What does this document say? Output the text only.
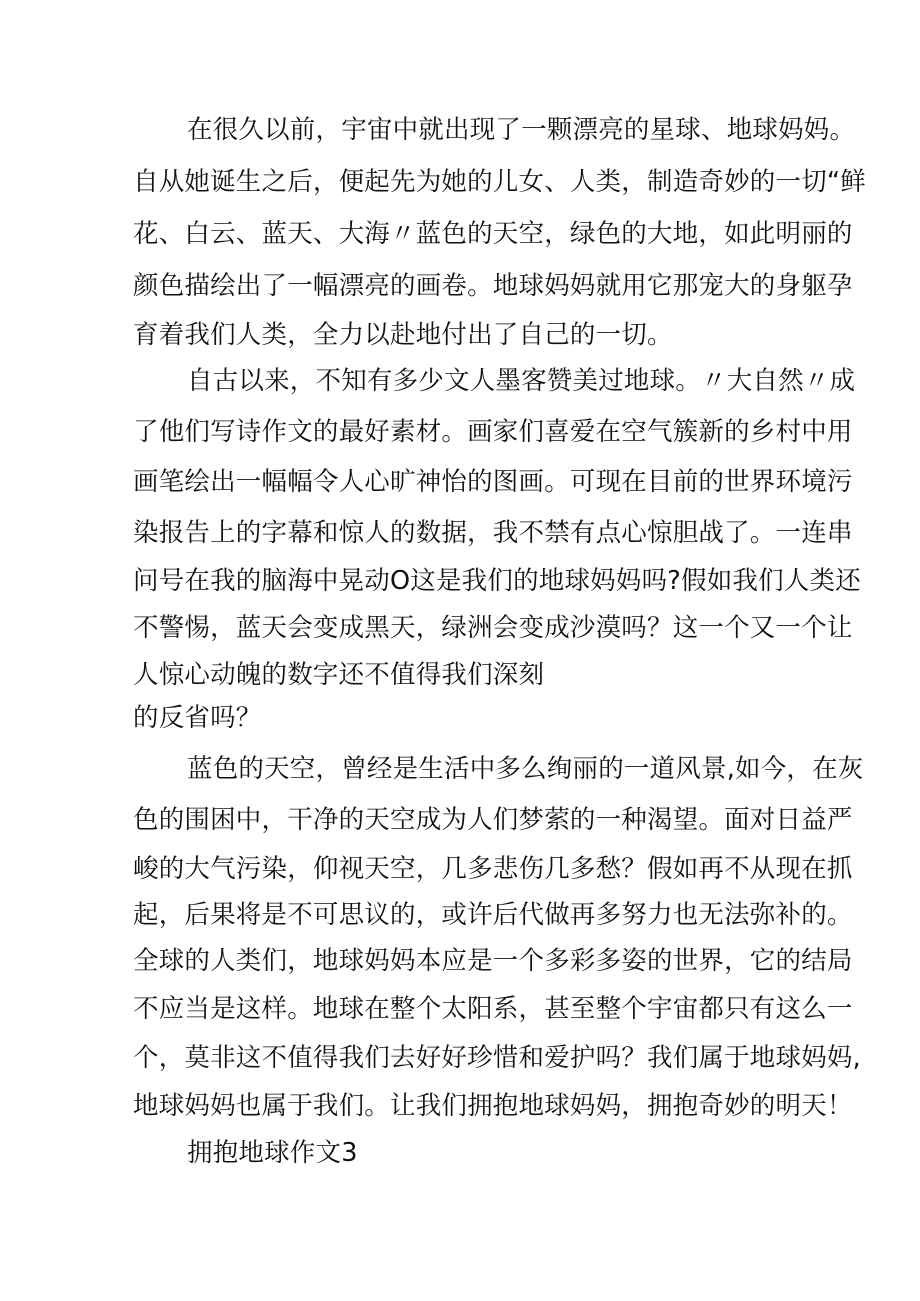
在很久以前，宇宙中就出现了一颗漂亮的星球、地球妈妈。
自从她诞生之后，便起先为她的儿女、人类，制造奇妙的一切“鲜
花、白云、蓝天、大海〃蓝色的天空，绿色的大地，如此明丽的
颜色描绘出了一幅漂亮的画卷。地球妈妈就用它那宠大的身躯孕
育着我们人类，全力以赴地付出了自己的一切。
自古以来，不知有多少文人墨客赞美过地球。〃大自然〃成
了他们写诗作文的最好素材。画家们喜爱在空气簇新的乡村中用
画笔绘出一幅幅令人心旷神怡的图画。可现在目前的世界环境污
染报告上的字幕和惊人的数据，我不禁有点心惊胆战了。一连串
问号在我的脑海中晃动O这是我们的地球妈妈吗?假如我们人类还
不警惕，蓝天会变成黑天，绿洲会变成沙漠吗？这一个又一个让
人惊心动魄的数字还不值得我们深刻
的反省吗？
蓝色的天空，曾经是生活中多么绚丽的一道风景,如今，在灰
色的围困中，干净的天空成为人们梦萦的一种渴望。面对日益严
峻的大气污染，仰视天空，几多悲伤几多愁？假如再不从现在抓
起，后果将是不可思议的，或许后代做再多努力也无法弥补的。
全球的人类们，地球妈妈本应是一个多彩多姿的世界，它的结局
不应当是这样。地球在整个太阳系，甚至整个宇宙都只有这么一
个，莫非这不值得我们去好好珍惜和爱护吗？我们属于地球妈妈,
地球妈妈也属于我们。让我们拥抱地球妈妈，拥抱奇妙的明天！
拥抱地球作文3
